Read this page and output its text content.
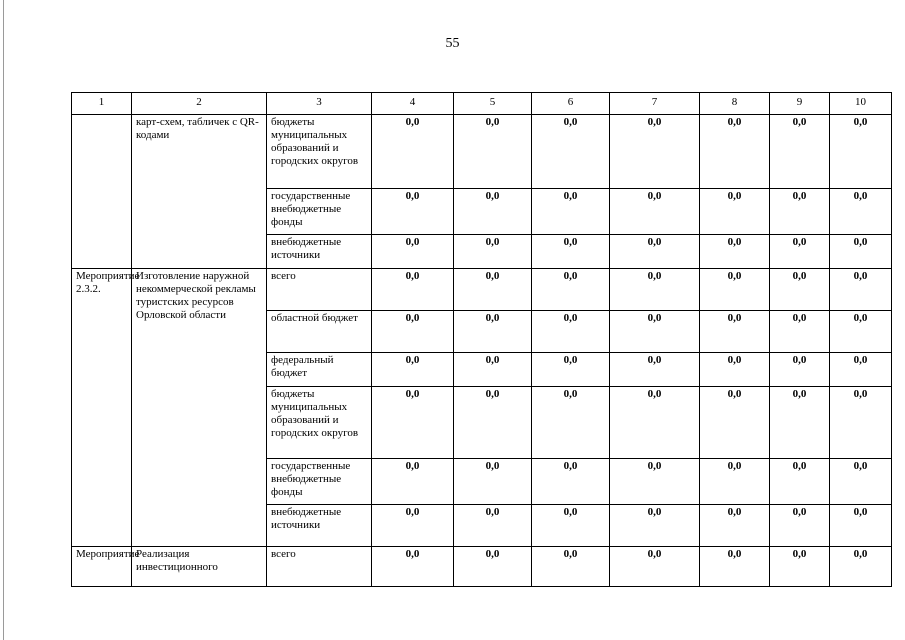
55
1	2	3	4	5	6	7	8	9	10
	карт-схем, табличек с QR-кодами	бюджеты муниципальных образований и городских округов	0,0	0,0	0,0	0,0	0,0	0,0	0,0
		государственные внебюджетные фонды	0,0	0,0	0,0	0,0	0,0	0,0	0,0
		внебюджетные источники	0,0	0,0	0,0	0,0	0,0	0,0	0,0
Мероприятие 2.3.2.	Изготовление наружной некоммерческой рекламы туристских ресурсов Орловской области	всего	0,0	0,0	0,0	0,0	0,0	0,0	0,0
		областной бюджет	0,0	0,0	0,0	0,0	0,0	0,0	0,0
		федеральный бюджет	0,0	0,0	0,0	0,0	0,0	0,0	0,0
		бюджеты муниципальных образований и городских округов	0,0	0,0	0,0	0,0	0,0	0,0	0,0
		государственные внебюджетные фонды	0,0	0,0	0,0	0,0	0,0	0,0	0,0
		внебюджетные источники	0,0	0,0	0,0	0,0	0,0	0,0	0,0
Мероприятие	Реализация инвестиционного	всего	0,0	0,0	0,0	0,0	0,0	0,0	0,0
